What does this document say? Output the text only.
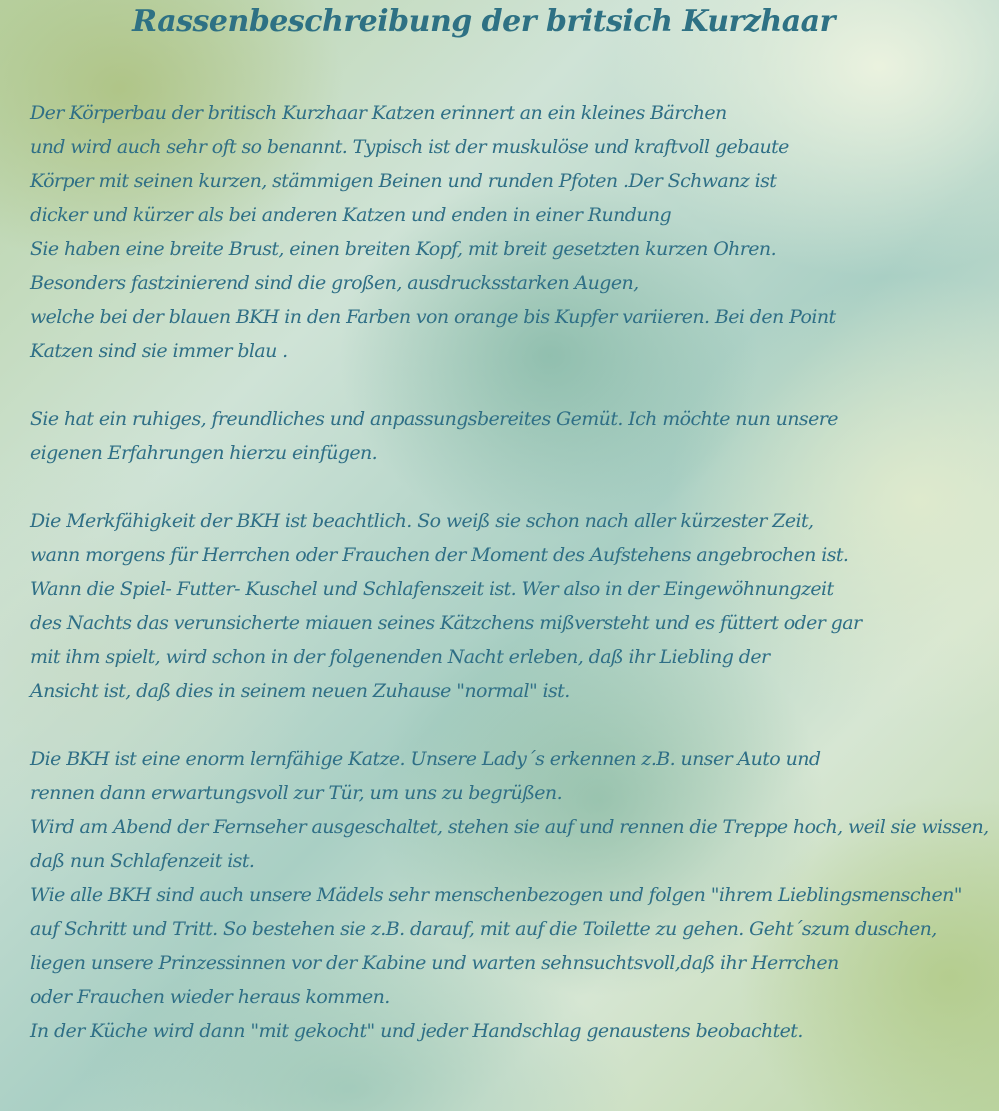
Rassenbeschreibung der britsich Kurzhaar
Der Körperbau der britisch Kurzhaar Katzen erinnert an ein kleines Bärchen
und wird auch sehr oft so benannt. Typisch ist der muskulöse und kraftvoll gebaute
Körper mit seinen kurzen, stämmigen Beinen und runden Pfoten .Der Schwanz ist
dicker und kürzer als bei anderen Katzen und enden in einer Rundung
Sie haben eine breite Brust, einen breiten Kopf, mit breit gesetzten kurzen Ohren.
Besonders fastzinierend sind die großen, ausdrucksstarken Augen,
welche bei der blauen BKH in den Farben von orange bis Kupfer variieren. Bei den Point
Katzen sind sie immer blau .
Sie hat ein ruhiges, freundliches und anpassungsbereites Gemüt. Ich möchte nun unsere
eigenen Erfahrungen hierzu einfügen.
Die Merkfähigkeit der BKH ist beachtlich. So weiß sie schon nach aller kürzester Zeit,
wann morgens für Herrchen oder Frauchen der Moment des Aufstehens angebrochen ist.
Wann die Spiel- Futter- Kuschel und Schlafenszeit ist. Wer also in der Eingewöhnungzeit
des Nachts das verunsicherte miauen seines Kätzchens mißversteht und es füttert oder gar
mit ihm spielt, wird schon in der folgenenden Nacht erleben, daß ihr Liebling der
Ansicht ist, daß dies in seinem neuen Zuhause "normal" ist.
Die BKH ist eine enorm lernfähige Katze. Unsere Lady´s erkennen z.B. unser Auto und
rennen dann erwartungsvoll zur Tür, um uns zu begrüßen.
Wird am Abend der Fernseher ausgeschaltet, stehen sie auf und rennen die Treppe hoch, weil sie wissen,
daß nun Schlafenzeit ist.
Wie alle BKH sind auch unsere Mädels sehr menschenbezogen und folgen "ihrem Lieblingsmenschen"
auf Schritt und Tritt. So bestehen sie z.B. darauf, mit auf die Toilette zu gehen. Geht´szum duschen,
liegen unsere Prinzessinnen vor der Kabine und warten sehnsuchtsvoll,daß ihr Herrchen
oder Frauchen wieder heraus kommen.
In der Küche wird dann "mit gekocht" und jeder Handschlag genaustens beobachtet.
